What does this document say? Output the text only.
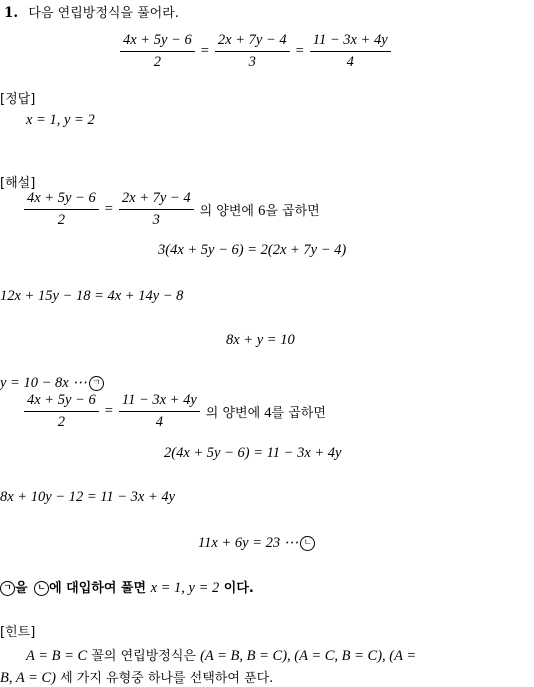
1. 다음 연립방정식을 풀어라.
$\frac{4x + 5y - 6}{2} = \frac{2x + 7y - 4}{3} = \frac{11 - 3x + 4y}{4}$
[정답]
x = 1, y = 2
[해설]
$\frac{4x + 5y - 6}{2} = \frac{2x + 7y - 4}{3}$ 의 양변에 6을 곱하면
3(4x + 5y − 6) = 2(2x + 7y − 4)
12x + 15y − 18 = 4x + 14y − 8
8x + y = 10
y = 10 − 8x ⋯ ㄱ
$\frac{4x + 5y - 6}{2} = \frac{11 - 3x + 4y}{4}$ 의 양변에 4를 곱하면
2(4x + 5y − 6) = 11 − 3x + 4y
8x + 10y − 12 = 11 − 3x + 4y
11x + 6y = 23 ⋯ ㄴ
ㄱ 을 ㄴ 에 대입하여 풀면 x = 1, y = 2 이다.
[힌트]
A = B = C 꼴의 연립방정식은 (A = B, B = C), (A = C, B = C), (A =
B, A = C) 세 가지 유형중 하나를 선택하여 푼다.
